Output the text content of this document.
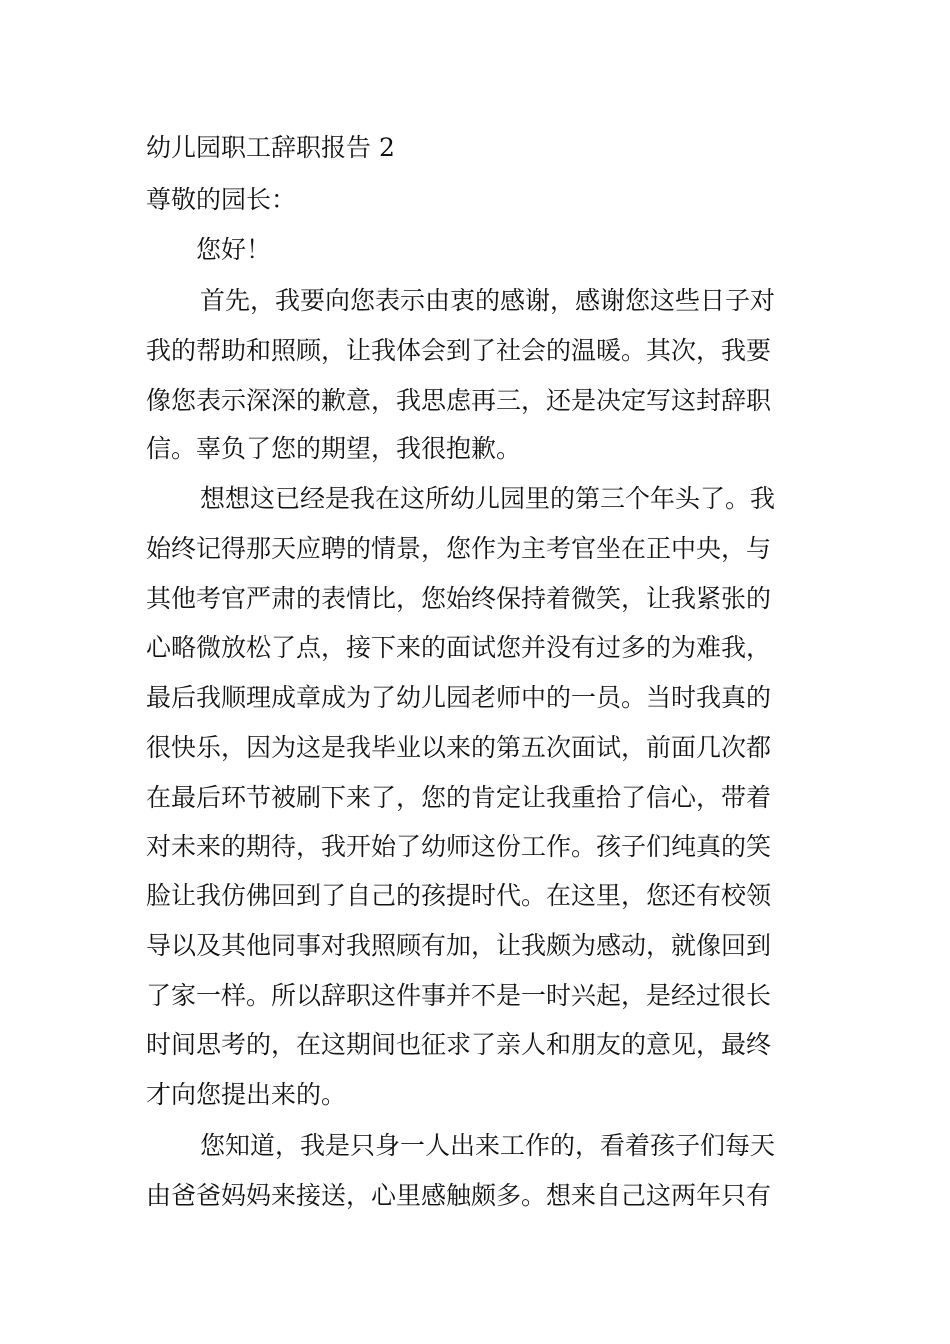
幼儿园职工辞职报告 2
尊敬的园长：
您好！
首先，我要向您表示由衷的感谢，感谢您这些日子对
我的帮助和照顾，让我体会到了社会的温暖。其次，我要
像您表示深深的歉意，我思虑再三，还是决定写这封辞职
信。辜负了您的期望，我很抱歉。
想想这已经是我在这所幼儿园里的第三个年头了。我
始终记得那天应聘的情景，您作为主考官坐在正中央，与
其他考官严肃的表情比，您始终保持着微笑，让我紧张的
心略微放松了点，接下来的面试您并没有过多的为难我，
最后我顺理成章成为了幼儿园老师中的一员。当时我真的
很快乐，因为这是我毕业以来的第五次面试，前面几次都
在最后环节被刷下来了，您的肯定让我重拾了信心，带着
对未来的期待，我开始了幼师这份工作。孩子们纯真的笑
脸让我仿佛回到了自己的孩提时代。在这里，您还有校领
导以及其他同事对我照顾有加，让我颇为感动，就像回到
了家一样。所以辞职这件事并不是一时兴起，是经过很长
时间思考的，在这期间也征求了亲人和朋友的意见，最终
才向您提出来的。
您知道，我是只身一人出来工作的，看着孩子们每天
由爸爸妈妈来接送，心里感触颇多。想来自己这两年只有
